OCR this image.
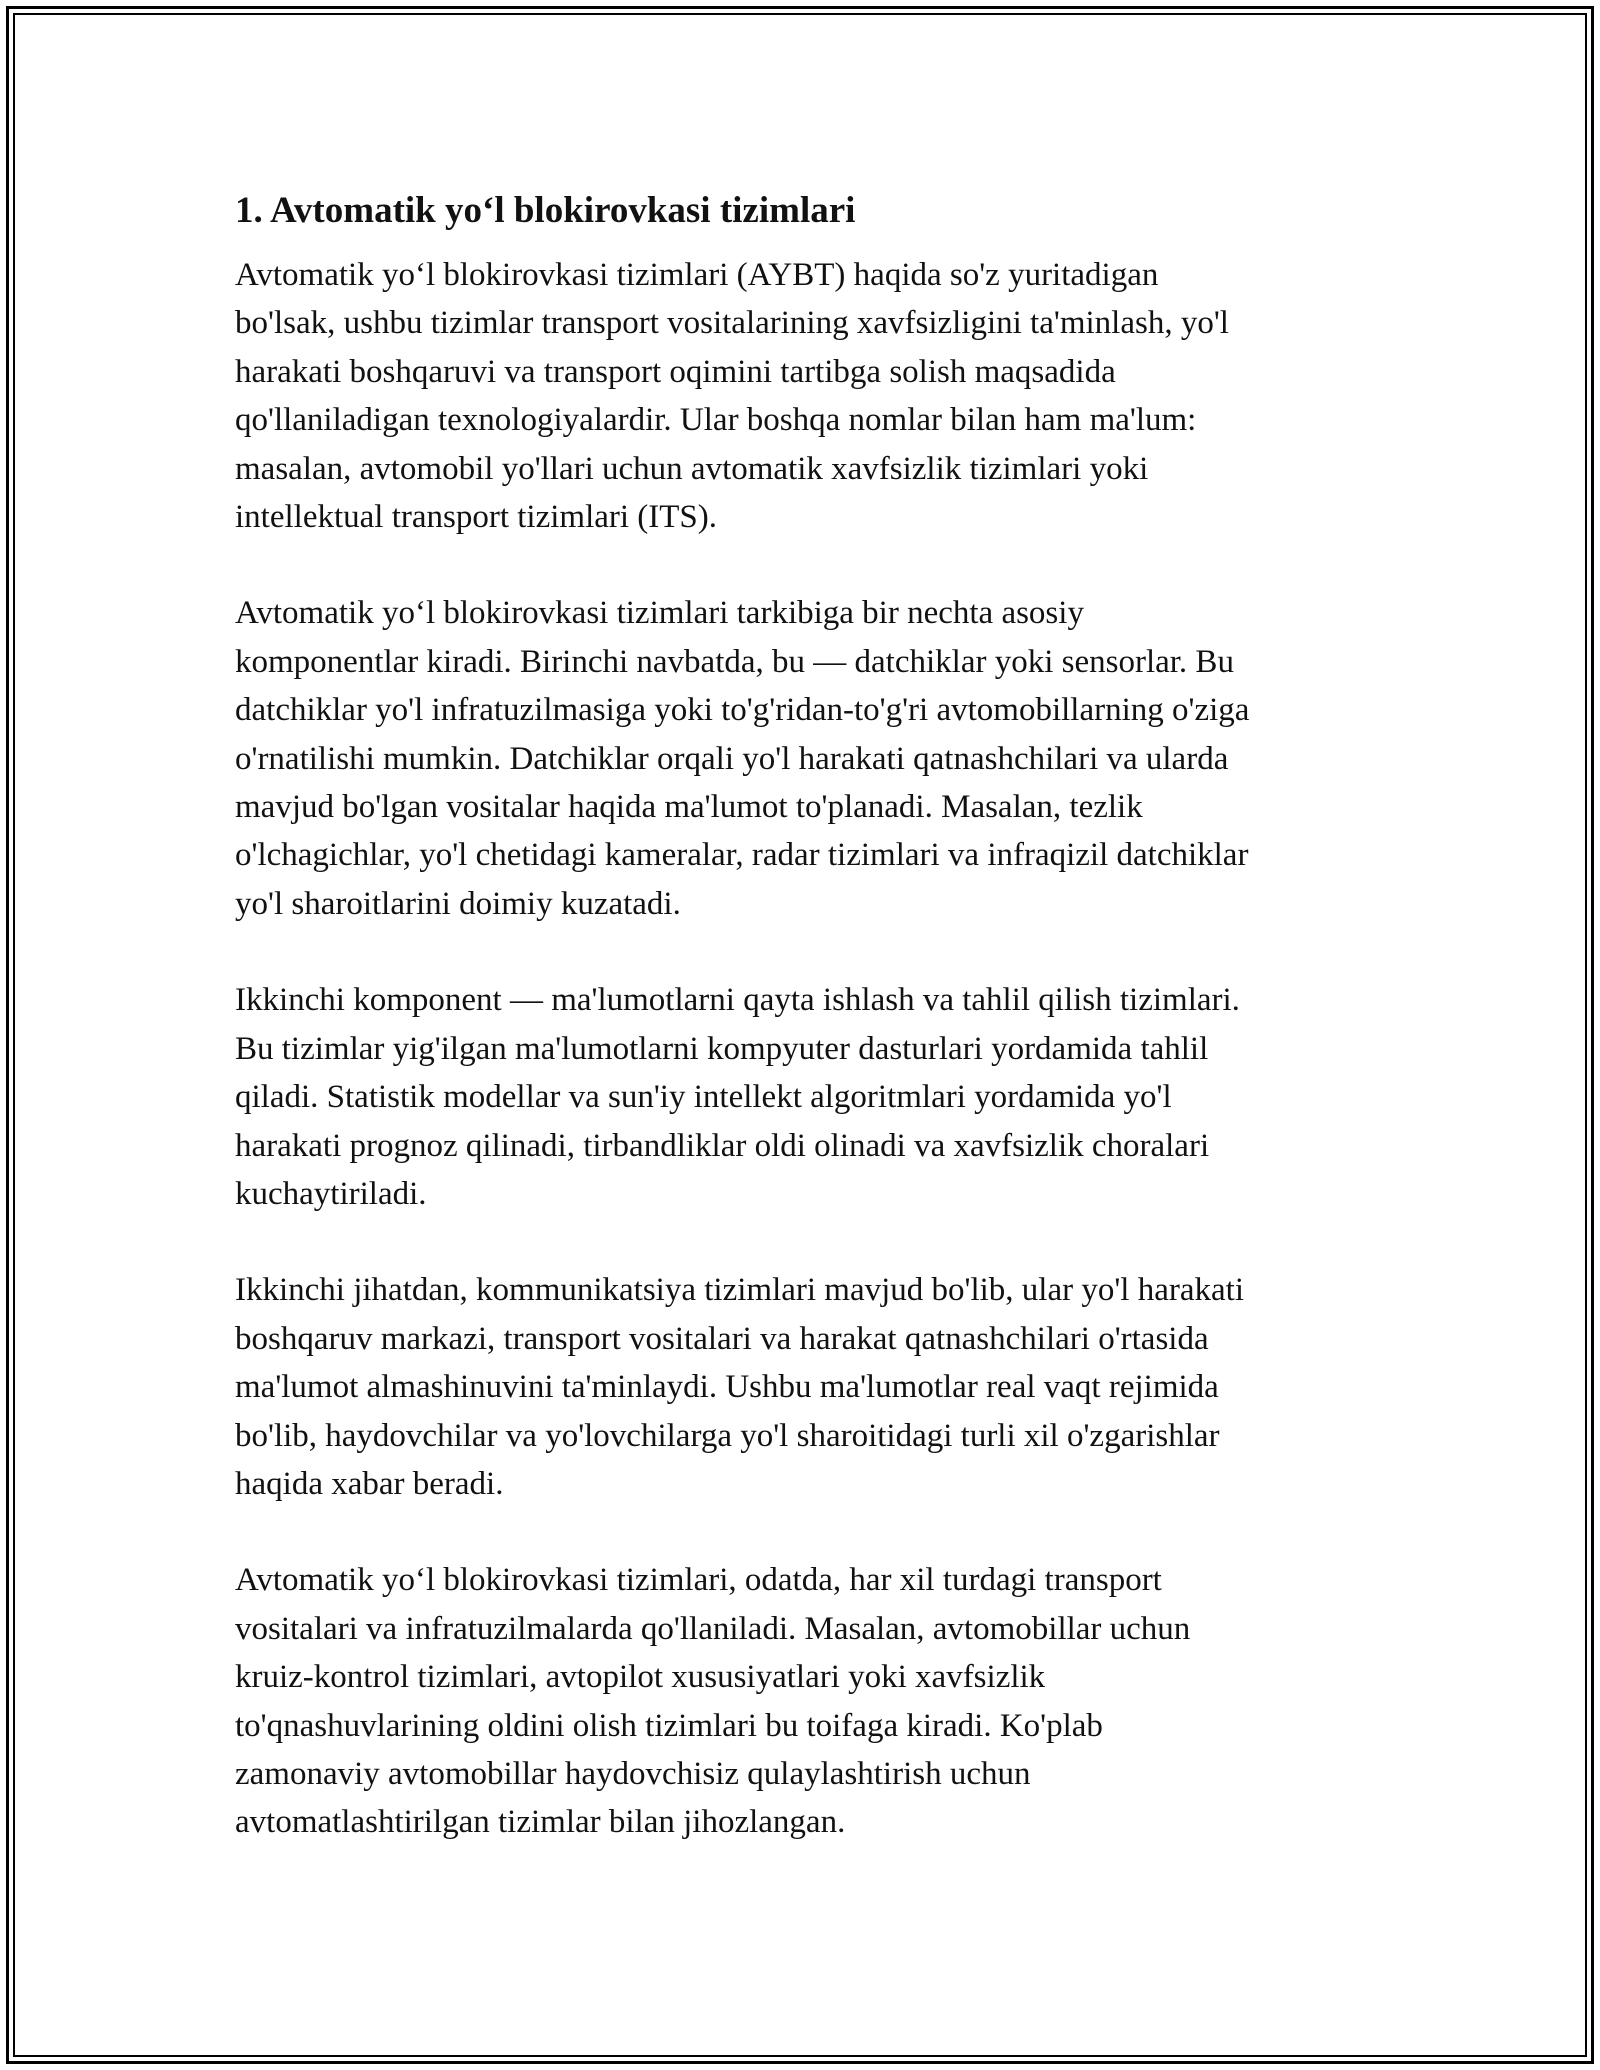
1. Avtomatik yo‘l blokirovkasi tizimlari

Avtomatik yo‘l blokirovkasi tizimlari (AYBT) haqida so'z yuritadigan
bo'lsak, ushbu tizimlar transport vositalarining xavfsizligini ta'minlash, yo'l
harakati boshqaruvi va transport oqimini tartibga solish maqsadida
qo'llaniladigan texnologiyalardir. Ular boshqa nomlar bilan ham ma'lum:
masalan, avtomobil yo'llari uchun avtomatik xavfsizlik tizimlari yoki
intellektual transport tizimlari (ITS).

Avtomatik yo‘l blokirovkasi tizimlari tarkibiga bir nechta asosiy
komponentlar kiradi. Birinchi navbatda, bu — datchiklar yoki sensorlar. Bu
datchiklar yo'l infratuzilmasiga yoki to'g'ridan-to'g'ri avtomobillarning o'ziga
o'rnatilishi mumkin. Datchiklar orqali yo'l harakati qatnashchilari va ularda
mavjud bo'lgan vositalar haqida ma'lumot to'planadi. Masalan, tezlik
o'lchagichlar, yo'l chetidagi kameralar, radar tizimlari va infraqizil datchiklar
yo'l sharoitlarini doimiy kuzatadi.

Ikkinchi komponent — ma'lumotlarni qayta ishlash va tahlil qilish tizimlari.
Bu tizimlar yig'ilgan ma'lumotlarni kompyuter dasturlari yordamida tahlil
qiladi. Statistik modellar va sun'iy intellekt algoritmlari yordamida yo'l
harakati prognoz qilinadi, tirbandliklar oldi olinadi va xavfsizlik choralari
kuchaytiriladi.

Ikkinchi jihatdan, kommunikatsiya tizimlari mavjud bo'lib, ular yo'l harakati
boshqaruv markazi, transport vositalari va harakat qatnashchilari o'rtasida
ma'lumot almashinuvini ta'minlaydi. Ushbu ma'lumotlar real vaqt rejimida
bo'lib, haydovchilar va yo'lovchilarga yo'l sharoitidagi turli xil o'zgarishlar
haqida xabar beradi.

Avtomatik yo‘l blokirovkasi tizimlari, odatda, har xil turdagi transport
vositalari va infratuzilmalarda qo'llaniladi. Masalan, avtomobillar uchun
kruiz-kontrol tizimlari, avtopilot xususiyatlari yoki xavfsizlik
to'qnashuvlarining oldini olish tizimlari bu toifaga kiradi. Ko'plab
zamonaviy avtomobillar haydovchisiz qulaylashtirish uchun
avtomatlashtirilgan tizimlar bilan jihozlangan.
